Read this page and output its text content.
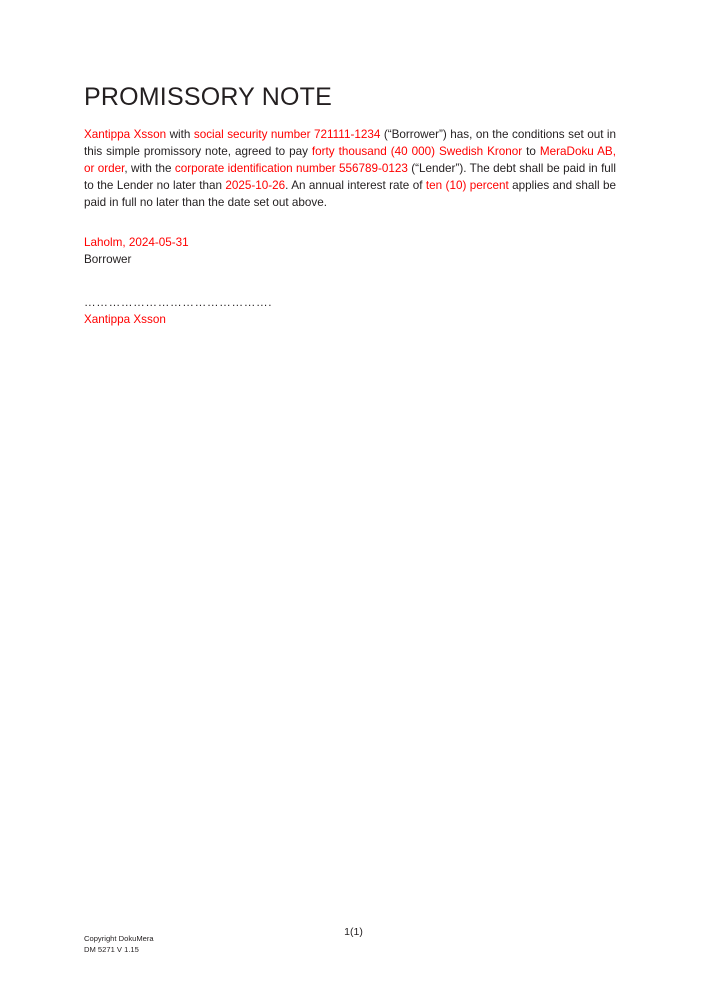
PROMISSORY NOTE

Xantippa Xsson with social security number 721111-1234 (“Borrower”) has, on the conditions set out in this simple promissory note, agreed to pay forty thousand (40 000) Swedish Kronor to MeraDoku AB, or order, with the corporate identification number 556789-0123 (“Lender”). The debt shall be paid in full to the Lender no later than 2025-10-26. An annual interest rate of ten (10) percent applies and shall be paid in full no later than the date set out above.

Laholm, 2024-05-31

Borrower

……………………………………….

Xantippa Xsson

1(1)
Copyright DokuMera
DM 5271 V 1.15
